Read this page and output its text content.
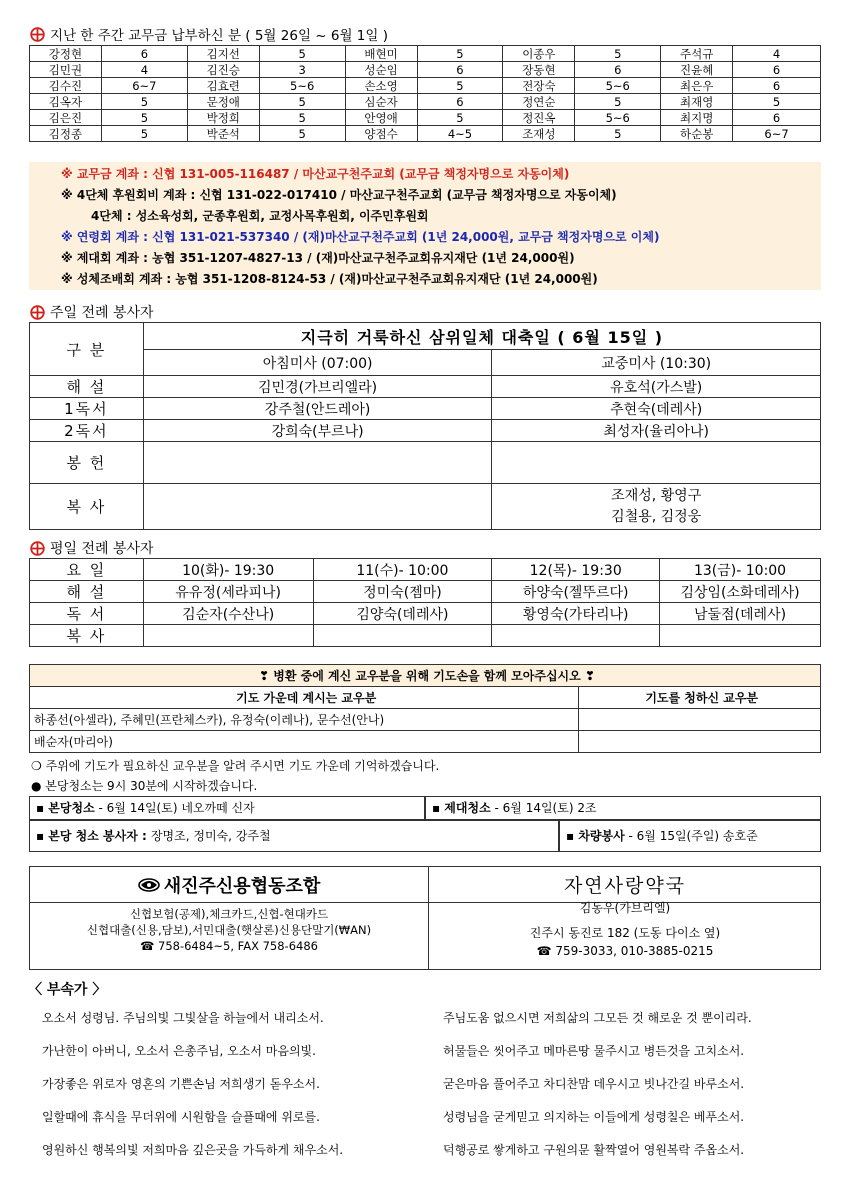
지난 한 주간 교무금 납부하신 분 ( 5월 26일 ~ 6월 1일 )
강정현	6	김지선	5	배현미	5	이종우	5	주석규	4
김민권	4	김진승	3	성순임	6	장동현	6	진윤혜	6
김수진	6~7	김효련	5~6	손소영	5	전장숙	5~6	최은우	6
김옥자	5	문정애	5	심순자	6	정연순	5	최재영	5
김은진	5	박정희	5	안영애	5	정진옥	5~6	최지명	6
김정종	5	박준석	5	양점수	4~5	조재성	5	하순봉	6~7
※ 교무금 계좌 : 신협 131-005-116487 / 마산교구천주교회 (교무금 책정자명으로 자동이체)
※ 4단체 후원회비 계좌 : 신협 131-022-017410 / 마산교구천주교회 (교무금 책정자명으로 자동이체)
4단체 : 성소육성회, 군종후원회, 교정사목후원회, 이주민후원회
※ 연령회 계좌 : 신협 131-021-537340 / (재)마산교구천주교회 (1년 24,000원, 교무금 책정자명으로 이체)
※ 제대회 계좌 : 농협 351-1207-4827-13 / (재)마산교구천주교회유지재단 (1년 24,000원)
※ 성체조배회 계좌 : 농협 351-1208-8124-53 / (재)마산교구천주교회유지재단 (1년 24,000원)
주일 전례 봉사자
구 분	지극히 거룩하신 삼위일체 대축일 ( 6월 15일 )	
	아침미사 (07:00)	교중미사 (10:30)
해 설	김민경(가브리엘라)	유호석(가스발)
1독서	강주철(안드레아)	추현숙(데레사)
2독서	강희숙(부르나)	최성자(율리아나)
봉 헌		
복 사		조재성, 황영구
김철용, 김정웅
평일 전례 봉사자
요 일	10(화)- 19:30	11(수)- 10:00	12(목)- 19:30	13(금)- 10:00
해 설	유유정(세라피나)	정미숙(젬마)	하양숙(젤뚜르다)	김상임(소화데레사)
독 서	김순자(수산나)	김양숙(데레사)	황영숙(가타리나)	남둘점(데레사)
복 사				
❣ 병환 중에 계신 교우분을 위해 기도손을 함께 모아주십시오 ❣	
기도 가운데 계시는 교우분	기도를 청하신 교우분
하종선(아셀라), 주혜민(프란체스카), 유정숙(이레나), 문수선(안나)	
배순자(마리아)	
❍ 주위에 기도가 필요하신 교우분을 알려 주시면 기도 가운데 기억하겠습니다.
● 본당청소는 9시 30분에 시작하겠습니다.
▪ 본당청소 - 6월 14일(토) 네오까떼 신자	▪ 제대청소 - 6월 14일(토) 2조
▪ 본당 청소 봉사자 : 장명조, 정미숙, 강주철	▪ 차량봉사 - 6월 15일(주일) 송호준
새진주신용협동조합
신협보험(공제),체크카드,신협-현대카드
신협대출(신용,담보),서민대출(햇살론)신용단말기(₩AN)
☎ 758-6484~5, FAX 758-6486
자연사랑약국
김동우(가브리엘)
진주시 동진로 182 (도동 다이소 옆)
☎ 759-3033, 010-3885-0215
〈 부속가 〉
오소서 성령님. 주님의빛 그빛살을 하늘에서 내리소서.
가난한이 아버니, 오소서 은총주님, 오소서 마음의빛.
가장좋은 위로자 영혼의 기쁜손님 저희생기 돋우소서.
일할때에 휴식을 무더위에 시원함을 슬플때에 위로를.
영원하신 행복의빛 저희마음 깊은곳을 가득하게 채우소서.
주님도움 없으시면 저희삶의 그모든 것 해로운 것 뿐이리라.
허물들은 씻어주고 메마른땅 물주시고 병든것을 고치소서.
굳은마음 풀어주고 차디찬맘 데우시고 빗나간길 바루소서.
성령님을 굳게믿고 의지하는 이들에게 성령칠은 베푸소서.
덕행공로 쌓게하고 구원의문 활짝열어 영원복락 주옵소서.
